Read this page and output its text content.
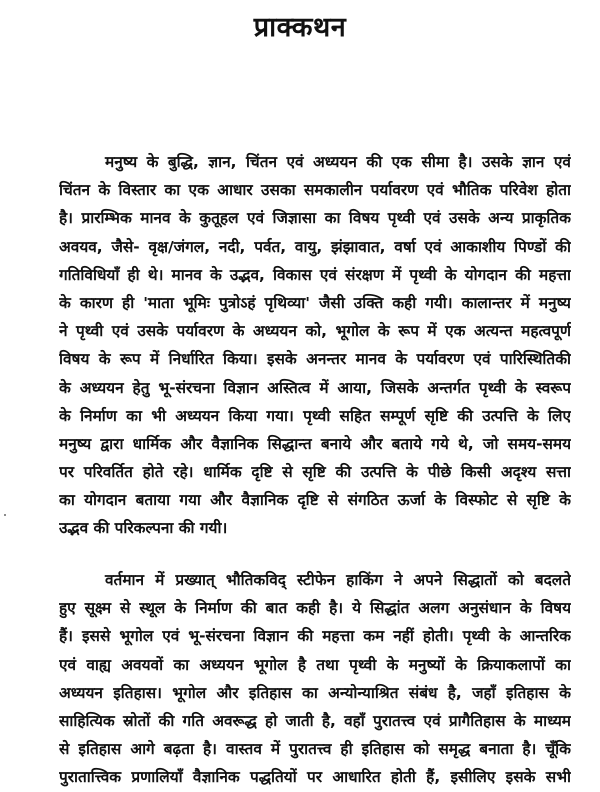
प्राक्कथन
मनुष्य के बुद्धि, ज्ञान, चिंतन एवं अध्ययन की एक सीमा है। उसके ज्ञान एवं
चिंतन के विस्तार का एक आधार उसका समकालीन पर्यावरण एवं भौतिक परिवेश होता
है। प्रारम्भिक मानव के कुतूहल एवं जिज्ञासा का विषय पृथ्वी एवं उसके अन्य प्राकृतिक
अवयव, जैसे- वृक्ष/जंगल, नदी, पर्वत, वायु, झंझावात, वर्षा एवं आकाशीय पिण्डों की
गतिविधियाँ ही थे। मानव के उद्भव, विकास एवं संरक्षण में पृथ्वी के योगदान की महत्ता
के कारण ही 'माता भूमिः पुत्रोऽहं पृथिव्या' जैसी उक्ति कही गयी। कालान्तर में मनुष्य
ने पृथ्वी एवं उसके पर्यावरण के अध्ययन को, भूगोल के रूप में एक अत्यन्त महत्वपूर्ण
विषय के रूप में निर्धारित किया। इसके अनन्तर मानव के पर्यावरण एवं पारिस्थितिकी
के अध्ययन हेतु भू-संरचना विज्ञान अस्तित्व में आया, जिसके अन्तर्गत पृथ्वी के स्वरूप
के निर्माण का भी अध्ययन किया गया। पृथ्वी सहित सम्पूर्ण सृष्टि की उत्पत्ति के लिए
मनुष्य द्वारा धार्मिक और वैज्ञानिक सिद्धान्त बनाये और बताये गये थे, जो समय-समय
पर परिवर्तित होते रहे। धार्मिक दृष्टि से सृष्टि की उत्पत्ति के पीछे किसी अदृश्य सत्ता
का योगदान बताया गया और वैज्ञानिक दृष्टि से संगठित ऊर्जा के विस्फोट से सृष्टि के
उद्भव की परिकल्पना की गयी।
वर्तमान में प्रख्यात् भौतिकविद् स्टीफेन हाकिंग ने अपने सिद्धातों को बदलते
हुए सूक्ष्म से स्थूल के निर्माण की बात कही है। ये सिद्धांत अलग अनुसंधान के विषय
हैं। इससे भूगोल एवं भू-संरचना विज्ञान की महत्ता कम नहीं होती। पृथ्वी के आन्तरिक
एवं वाह्य अवयवों का अध्ययन भूगोल है तथा पृथ्वी के मनुष्यों के क्रियाकलापों का
अध्ययन इतिहास। भूगोल और इतिहास का अन्योन्याश्रित संबंध है, जहाँ इतिहास के
साहित्यिक स्रोतों की गति अवरूद्ध हो जाती है, वहाँ पुरातत्त्व एवं प्रागैतिहास के माध्यम
से इतिहास आगे बढ़ता है। वास्तव में पुरातत्त्व ही इतिहास को समृद्ध बनाता है। चूँकि
पुरातात्त्विक प्रणालियाँ वैज्ञानिक पद्धतियों पर आधारित होती हैं, इसीलिए इसके सभी
